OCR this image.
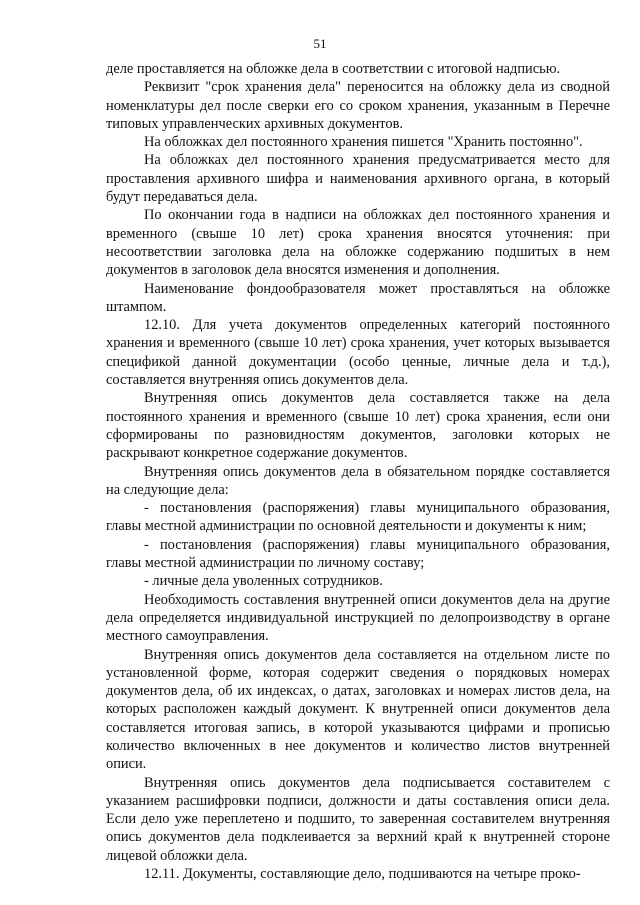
51

деле проставляется на обложке дела в соответствии с итоговой надписью.

Реквизит "срок хранения дела" переносится на обложку дела из сводной номенклатуры дел после сверки его со сроком хранения, указанным в Перечне типовых управленческих архивных документов.

На обложках дел постоянного хранения пишется "Хранить постоянно".

На обложках дел постоянного хранения предусматривается место для проставления архивного шифра и наименования архивного органа, в который будут передаваться дела.

По окончании года в надписи на обложках дел постоянного хранения и временного (свыше 10 лет) срока хранения вносятся уточнения: при несоответствии заголовка дела на обложке содержанию подшитых в нем документов в заголовок дела вносятся изменения и дополнения.

Наименование фондообразователя может проставляться на обложке штампом.

12.10. Для учета документов определенных категорий постоянного хранения и временного (свыше 10 лет) срока хранения, учет которых вызывается спецификой данной документации (особо ценные, личные дела и т.д.), составляется внутренняя опись документов дела.

Внутренняя опись документов дела составляется также на дела постоянного хранения и временного (свыше 10 лет) срока хранения, если они сформированы по разновидностям документов, заголовки которых не раскрывают конкретное содержание документов.

Внутренняя опись документов дела в обязательном порядке составляется на следующие дела:

- постановления (распоряжения) главы муниципального образования, главы местной администрации по основной деятельности и документы к ним;

- постановления (распоряжения) главы муниципального образования, главы местной администрации по личному составу;

- личные дела уволенных сотрудников.

Необходимость составления внутренней описи документов дела на другие дела определяется индивидуальной инструкцией по делопроизводству в органе местного самоуправления.

Внутренняя опись документов дела составляется на отдельном листе по установленной форме, которая содержит сведения о порядковых номерах документов дела, об их индексах, о датах, заголовках и номерах листов дела, на которых расположен каждый документ. К внутренней описи документов дела составляется итоговая запись, в которой указываются цифрами и прописью количество включенных в нее документов и количество листов внутренней описи.

Внутренняя опись документов дела подписывается составителем с указанием расшифровки подписи, должности и даты составления описи дела. Если дело уже переплетено и подшито, то заверенная составителем внутренняя опись документов дела подклеивается за верхний край к внутренней стороне лицевой обложки дела.

12.11. Документы, составляющие дело, подшиваются на четыре проко-
